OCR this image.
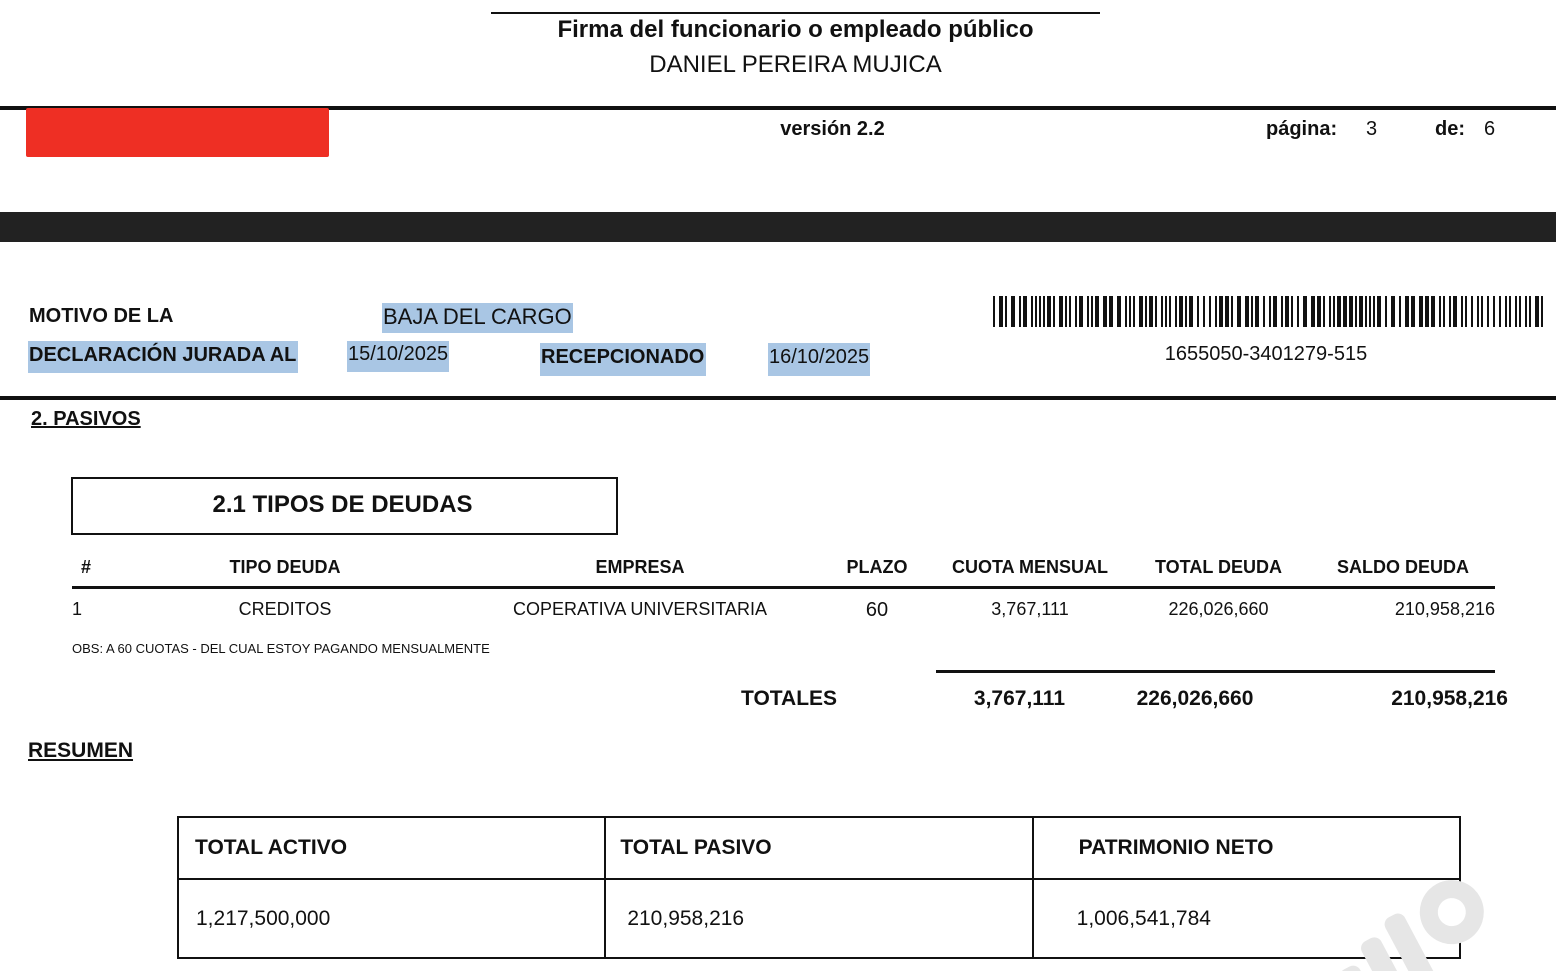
Firma del funcionario o empleado público
DANIEL PEREIRA MUJICA
versión 2.2	página: 3	de: 6
MOTIVO DE LA	BAJA DEL CARGO
DECLARACIÓN JURADA AL	15/10/2025	RECEPCIONADO	16/10/2025	1655050-3401279-515
2. PASIVOS
2.1 TIPOS DE DEUDAS
#	TIPO DEUDA	EMPRESA	PLAZO	CUOTA MENSUAL	TOTAL DEUDA	SALDO DEUDA
1	CREDITOS	COPERATIVA UNIVERSITARIA	60	3,767,111	226,026,660	210,958,216
OBS: A 60 CUOTAS - DEL CUAL ESTOY PAGANDO MENSUALMENTE
TOTALES	3,767,111	226,026,660	210,958,216
RESUMEN
TOTAL ACTIVO	TOTAL PASIVO	PATRIMONIO NETO
1,217,500,000	210,958,216	1,006,541,784
